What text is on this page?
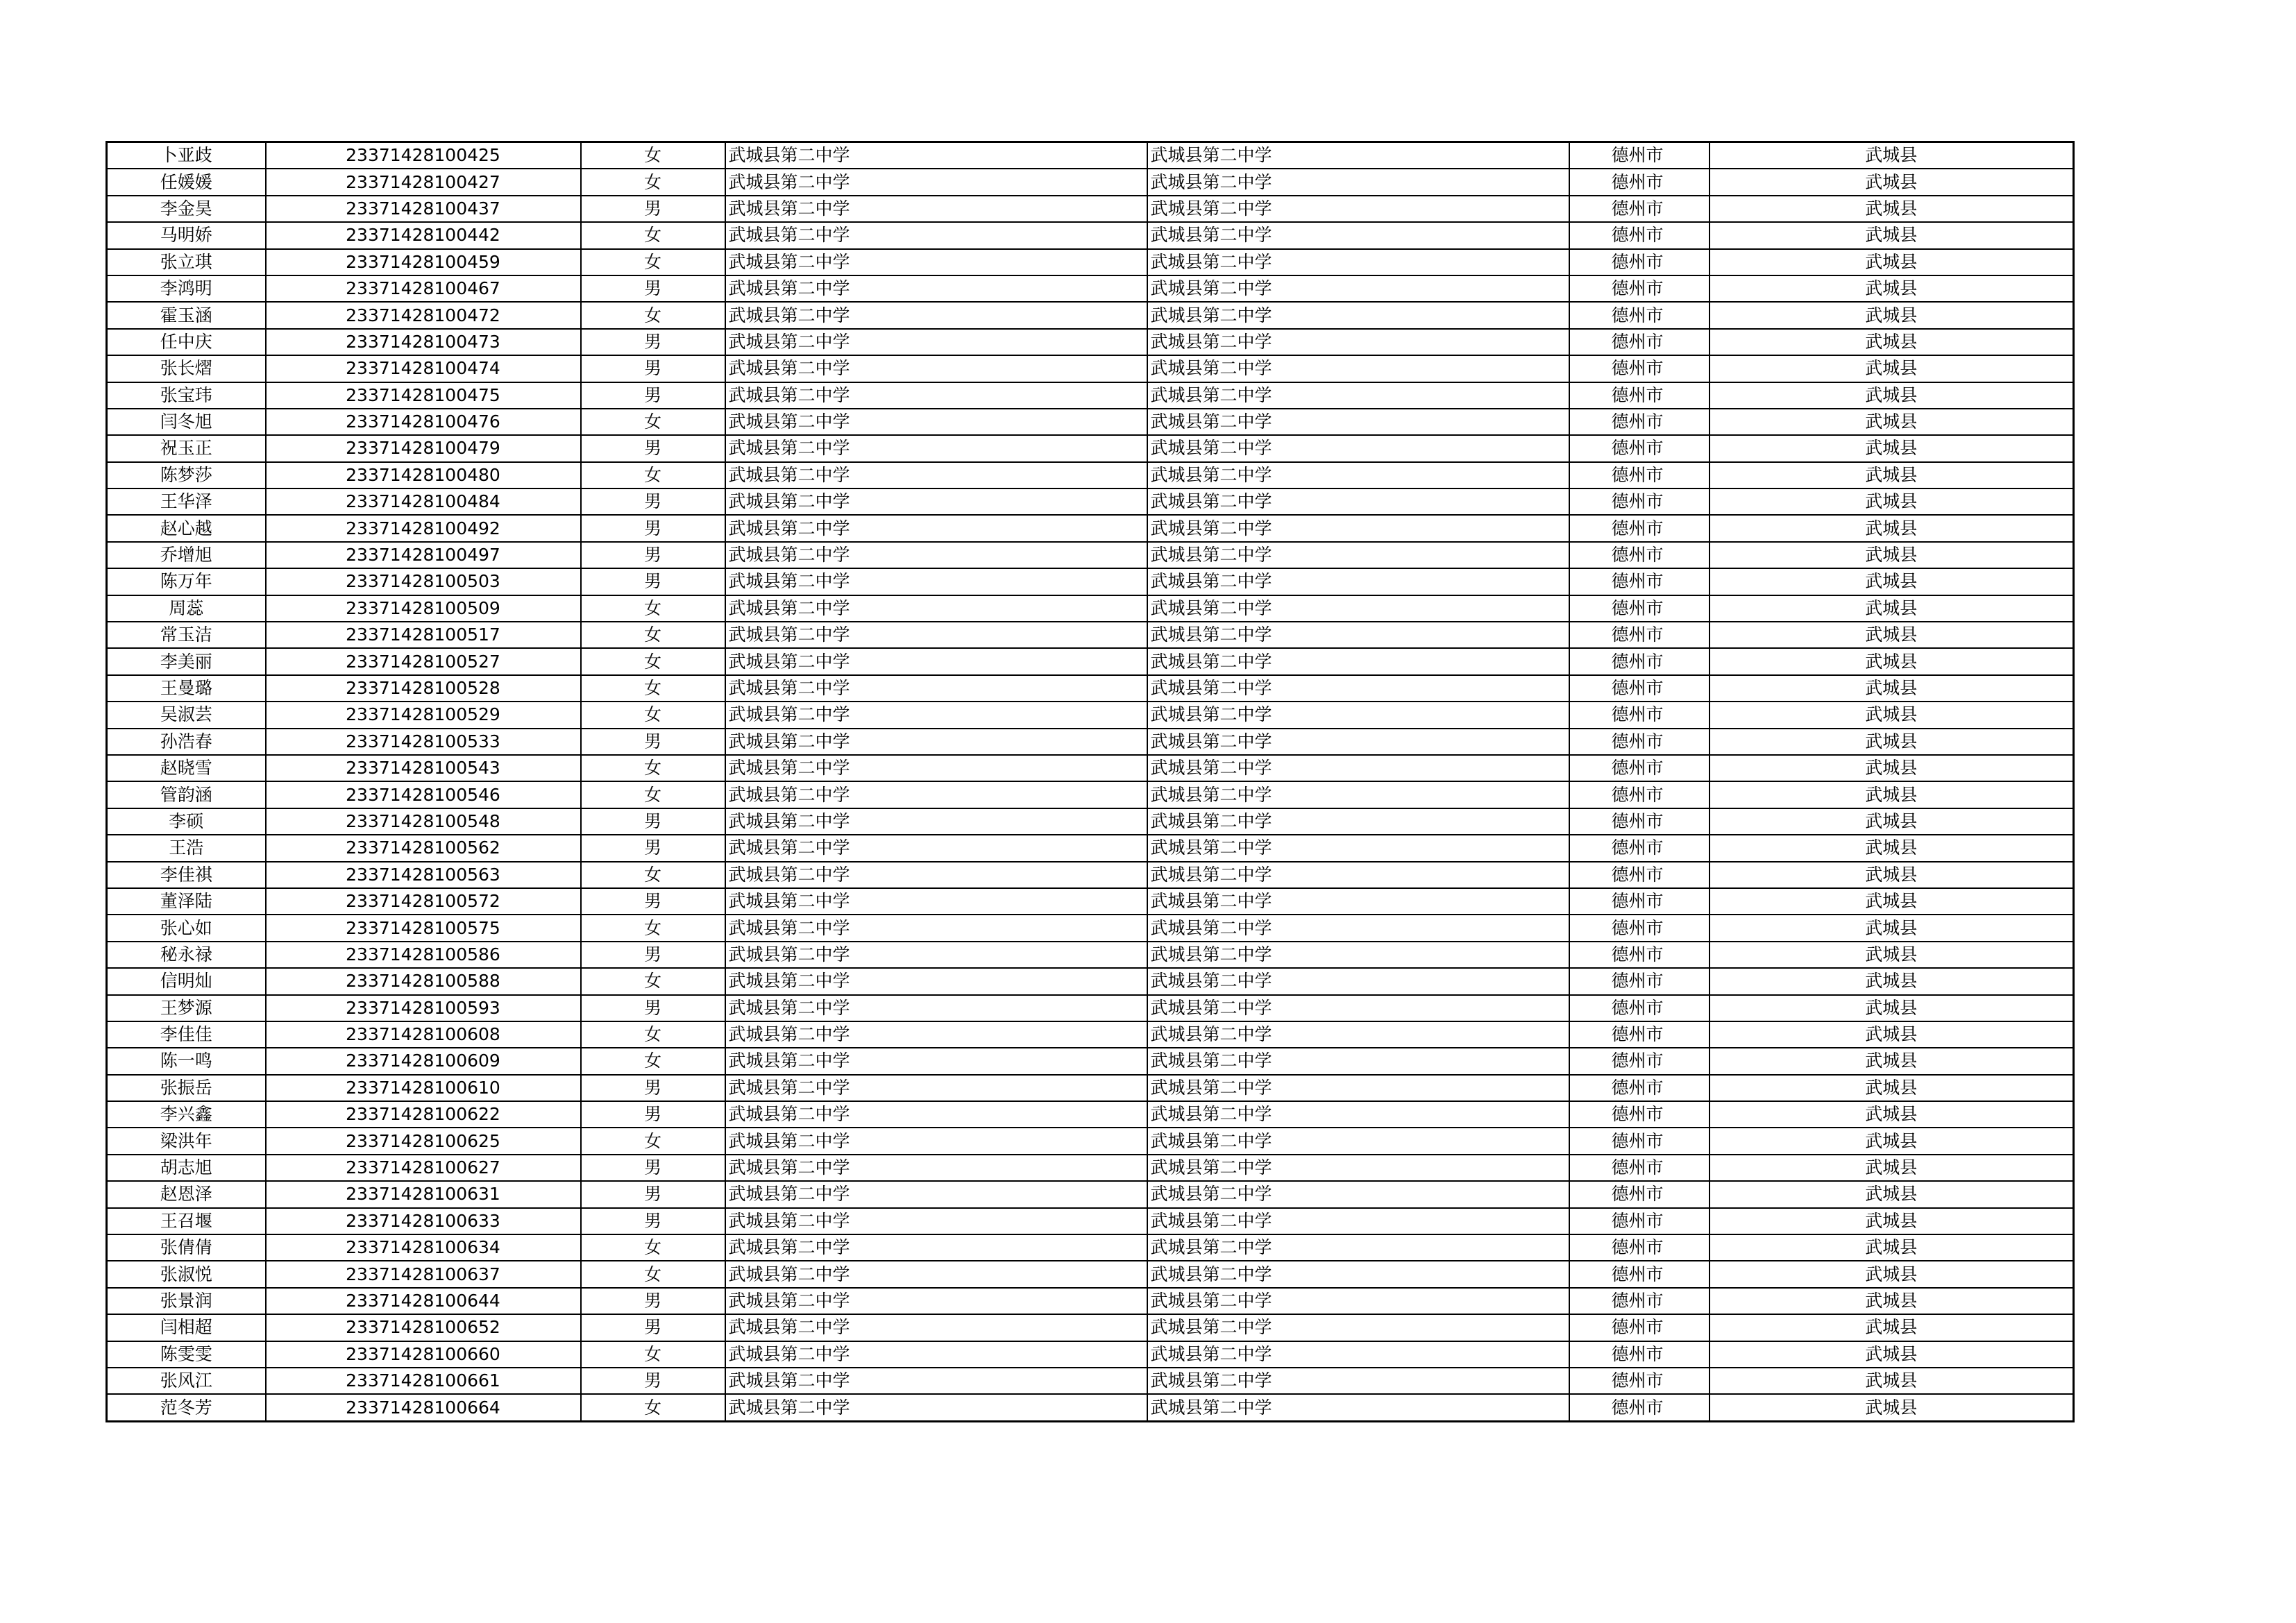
卜亚歧	23371428100425	女	武城县第二中学	武城县第二中学	德州市	武城县
任媛媛	23371428100427	女	武城县第二中学	武城县第二中学	德州市	武城县
李金昊	23371428100437	男	武城县第二中学	武城县第二中学	德州市	武城县
马明娇	23371428100442	女	武城县第二中学	武城县第二中学	德州市	武城县
张立琪	23371428100459	女	武城县第二中学	武城县第二中学	德州市	武城县
李鸿明	23371428100467	男	武城县第二中学	武城县第二中学	德州市	武城县
霍玉涵	23371428100472	女	武城县第二中学	武城县第二中学	德州市	武城县
任中庆	23371428100473	男	武城县第二中学	武城县第二中学	德州市	武城县
张长熠	23371428100474	男	武城县第二中学	武城县第二中学	德州市	武城县
张宝玮	23371428100475	男	武城县第二中学	武城县第二中学	德州市	武城县
闫冬旭	23371428100476	女	武城县第二中学	武城县第二中学	德州市	武城县
祝玉正	23371428100479	男	武城县第二中学	武城县第二中学	德州市	武城县
陈梦莎	23371428100480	女	武城县第二中学	武城县第二中学	德州市	武城县
王华泽	23371428100484	男	武城县第二中学	武城县第二中学	德州市	武城县
赵心越	23371428100492	男	武城县第二中学	武城县第二中学	德州市	武城县
乔增旭	23371428100497	男	武城县第二中学	武城县第二中学	德州市	武城县
陈万年	23371428100503	男	武城县第二中学	武城县第二中学	德州市	武城县
周蕊	23371428100509	女	武城县第二中学	武城县第二中学	德州市	武城县
常玉洁	23371428100517	女	武城县第二中学	武城县第二中学	德州市	武城县
李美丽	23371428100527	女	武城县第二中学	武城县第二中学	德州市	武城县
王曼璐	23371428100528	女	武城县第二中学	武城县第二中学	德州市	武城县
吴淑芸	23371428100529	女	武城县第二中学	武城县第二中学	德州市	武城县
孙浩春	23371428100533	男	武城县第二中学	武城县第二中学	德州市	武城县
赵晓雪	23371428100543	女	武城县第二中学	武城县第二中学	德州市	武城县
管韵涵	23371428100546	女	武城县第二中学	武城县第二中学	德州市	武城县
李硕	23371428100548	男	武城县第二中学	武城县第二中学	德州市	武城县
王浩	23371428100562	男	武城县第二中学	武城县第二中学	德州市	武城县
李佳祺	23371428100563	女	武城县第二中学	武城县第二中学	德州市	武城县
董泽陆	23371428100572	男	武城县第二中学	武城县第二中学	德州市	武城县
张心如	23371428100575	女	武城县第二中学	武城县第二中学	德州市	武城县
秘永禄	23371428100586	男	武城县第二中学	武城县第二中学	德州市	武城县
信明灿	23371428100588	女	武城县第二中学	武城县第二中学	德州市	武城县
王梦源	23371428100593	男	武城县第二中学	武城县第二中学	德州市	武城县
李佳佳	23371428100608	女	武城县第二中学	武城县第二中学	德州市	武城县
陈一鸣	23371428100609	女	武城县第二中学	武城县第二中学	德州市	武城县
张振岳	23371428100610	男	武城县第二中学	武城县第二中学	德州市	武城县
李兴鑫	23371428100622	男	武城县第二中学	武城县第二中学	德州市	武城县
梁洪年	23371428100625	女	武城县第二中学	武城县第二中学	德州市	武城县
胡志旭	23371428100627	男	武城县第二中学	武城县第二中学	德州市	武城县
赵恩泽	23371428100631	男	武城县第二中学	武城县第二中学	德州市	武城县
王召堰	23371428100633	男	武城县第二中学	武城县第二中学	德州市	武城县
张倩倩	23371428100634	女	武城县第二中学	武城县第二中学	德州市	武城县
张淑悦	23371428100637	女	武城县第二中学	武城县第二中学	德州市	武城县
张景润	23371428100644	男	武城县第二中学	武城县第二中学	德州市	武城县
闫相超	23371428100652	男	武城县第二中学	武城县第二中学	德州市	武城县
陈雯雯	23371428100660	女	武城县第二中学	武城县第二中学	德州市	武城县
张风江	23371428100661	男	武城县第二中学	武城县第二中学	德州市	武城县
范冬芳	23371428100664	女	武城县第二中学	武城县第二中学	德州市	武城县
